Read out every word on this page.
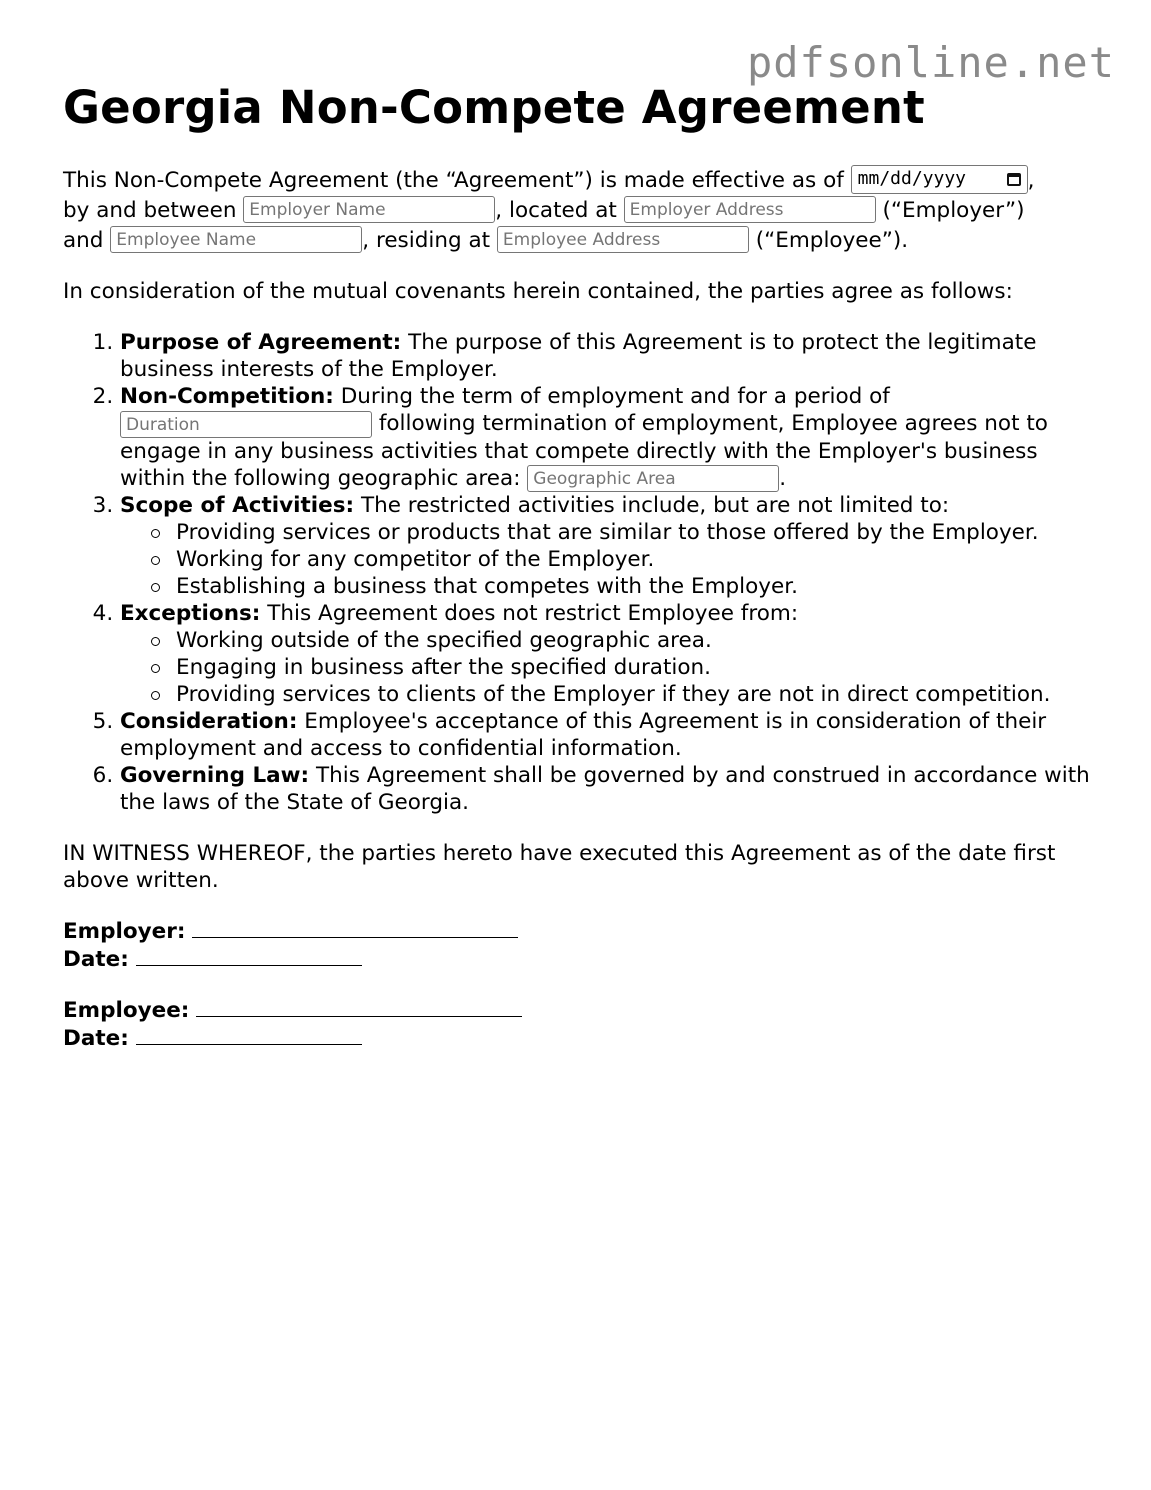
pdfsonline.net
Georgia Non-Compete Agreement

This Non-Compete Agreement (the “Agreement”) is made effective as of mm/dd/yyyy	,
by and between Employer Name	, located at Employer Address	(“Employer”)
and Employee Name	, residing at Employee Address	(“Employee”).

In consideration of the mutual covenants herein contained, the parties agree as follows:

1. Purpose of Agreement: The purpose of this Agreement is to protect the legitimate business interests of the Employer.
2. Non-Competition: During the term of employment and for a period of
Duration	following termination of employment, Employee agrees not to engage in any business activities that compete directly with the Employer's business within the following geographic area: Geographic Area	.
3. Scope of Activities: The restricted activities include, but are not limited to:
Providing services or products that are similar to those offered by the Employer.
Working for any competitor of the Employer.
Establishing a business that competes with the Employer.
4. Exceptions: This Agreement does not restrict Employee from:
Working outside of the specified geographic area.
Engaging in business after the specified duration.
Providing services to clients of the Employer if they are not in direct competition.
5. Consideration: Employee's acceptance of this Agreement is in consideration of their employment and access to confidential information.
6. Governing Law: This Agreement shall be governed by and construed in accordance with the laws of the State of Georgia.

IN WITNESS WHEREOF, the parties hereto have executed this Agreement as of the date first above written.

Employer:
Date:
Employee:
Date:
